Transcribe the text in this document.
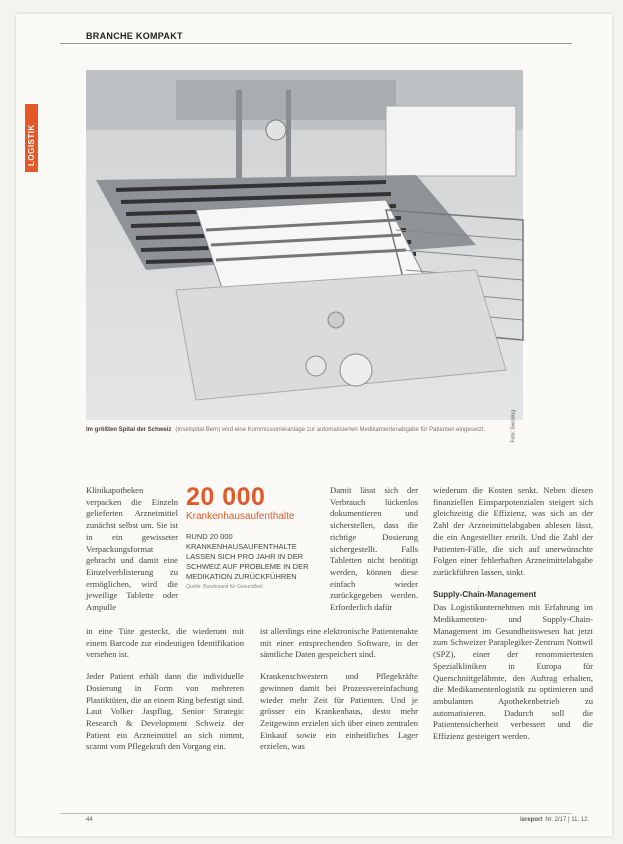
BRANCHE KOMPAKT
LOGISTIK
Foto: Swisslog
Im größten Spital der Schweiz (Inselspital Bern) wird eine Kommissionieranlage zur automatisierten Medikamentenabgabe für Patienten eingesetzt.

Klinikapotheken verpacken die Einzeln gelieferten Arzneimittel zunächst selbst um. Sie ist in ein gewisseter Verpackungsformat gebracht und damit eine Einzelverblisterung zu ermöglichen, wird die jeweilige Tablette oder Ampulle

20 000
Krankenhausaufenthalte
RUND 20 000 KRANKENHAUSAUFENTHALTE LASSEN SICH PRO JAHR IN DER SCHWEIZ AUF PROBLEME IN DER MEDIKATION ZURÜCKFÜHREN
Quelle: Bundesamt für Gesundheit

Damit lässt sich der Verbrauch lückenlos dokumentieren und sicherstellen, dass die richtige Dosierung sichergestellt. Falls Tabletten nicht benötigt werden, können diese einfach wieder zurückgegeben werden. Erforderlich dafür

in eine Tüte gesteckt, die wiederum mit einem Barcode zur eindeutigen Identifikation versehen ist.

Jeder Patient erhält dann die individuelle Dosierung in Form von mehreren Plastiktüten, die an einem Ring befestigt sind. Laut Volker Jaspflug, Senior Strategic Research & Development Schweiz der Patient ein Arzneimittel an sich nimmt, scannt vom Pflegekraft den Vorgang ein.

ist allerdings eine elektronische Patientenakte mit einer entsprechenden Software, in der sämtliche Daten gespeichert sind.

Krankenschwestern und Pflegekräfte gewinnen damit bei Prozessvereinfachung wieder mehr Zeit für Patienten. Und je grösser ein Krankenhaus, desto mehr Zeitgewinn erzielen sich über einen zentralen Einkauf sowie ein einheitliches Lager erzielen, was

wiederum die Kosten senkt. Neben diesen finanziellen Einsparpotenzialen steigert sich gleichzeitig die Effizienz, was sich an der Zahl der Arzneimittelabgaben ablesen lässt, die ein Angestellter erteilt. Und die Zahl der Patienten-Fälle, die sich auf unerwünschte Folgen einer fehlerhaften Arzneimittelabgabe zurückführen lassen, sinkt.

Supply-Chain-Management

Das Logistikunternehmen mit Erfahrung im Medikamenten- und Supply-Chain-Management im Gesundheitswesen hat jetzt zum Schweizer Paraplegiker-Zentrum Nottwil (SPZ), einer der renommiertesten Spezialkliniken in Europa für Querschnittgelähmte, den Auftrag erhalten, die Medikamentenlogistik zu optimieren und ambulanten Apothekenbetrieb zu automatisieren. Dadurch soll die Patientensicherheit verbessert und die Effizienz gesteigert werden.

44	isreport Nr. 2/17 | 11. 12.
